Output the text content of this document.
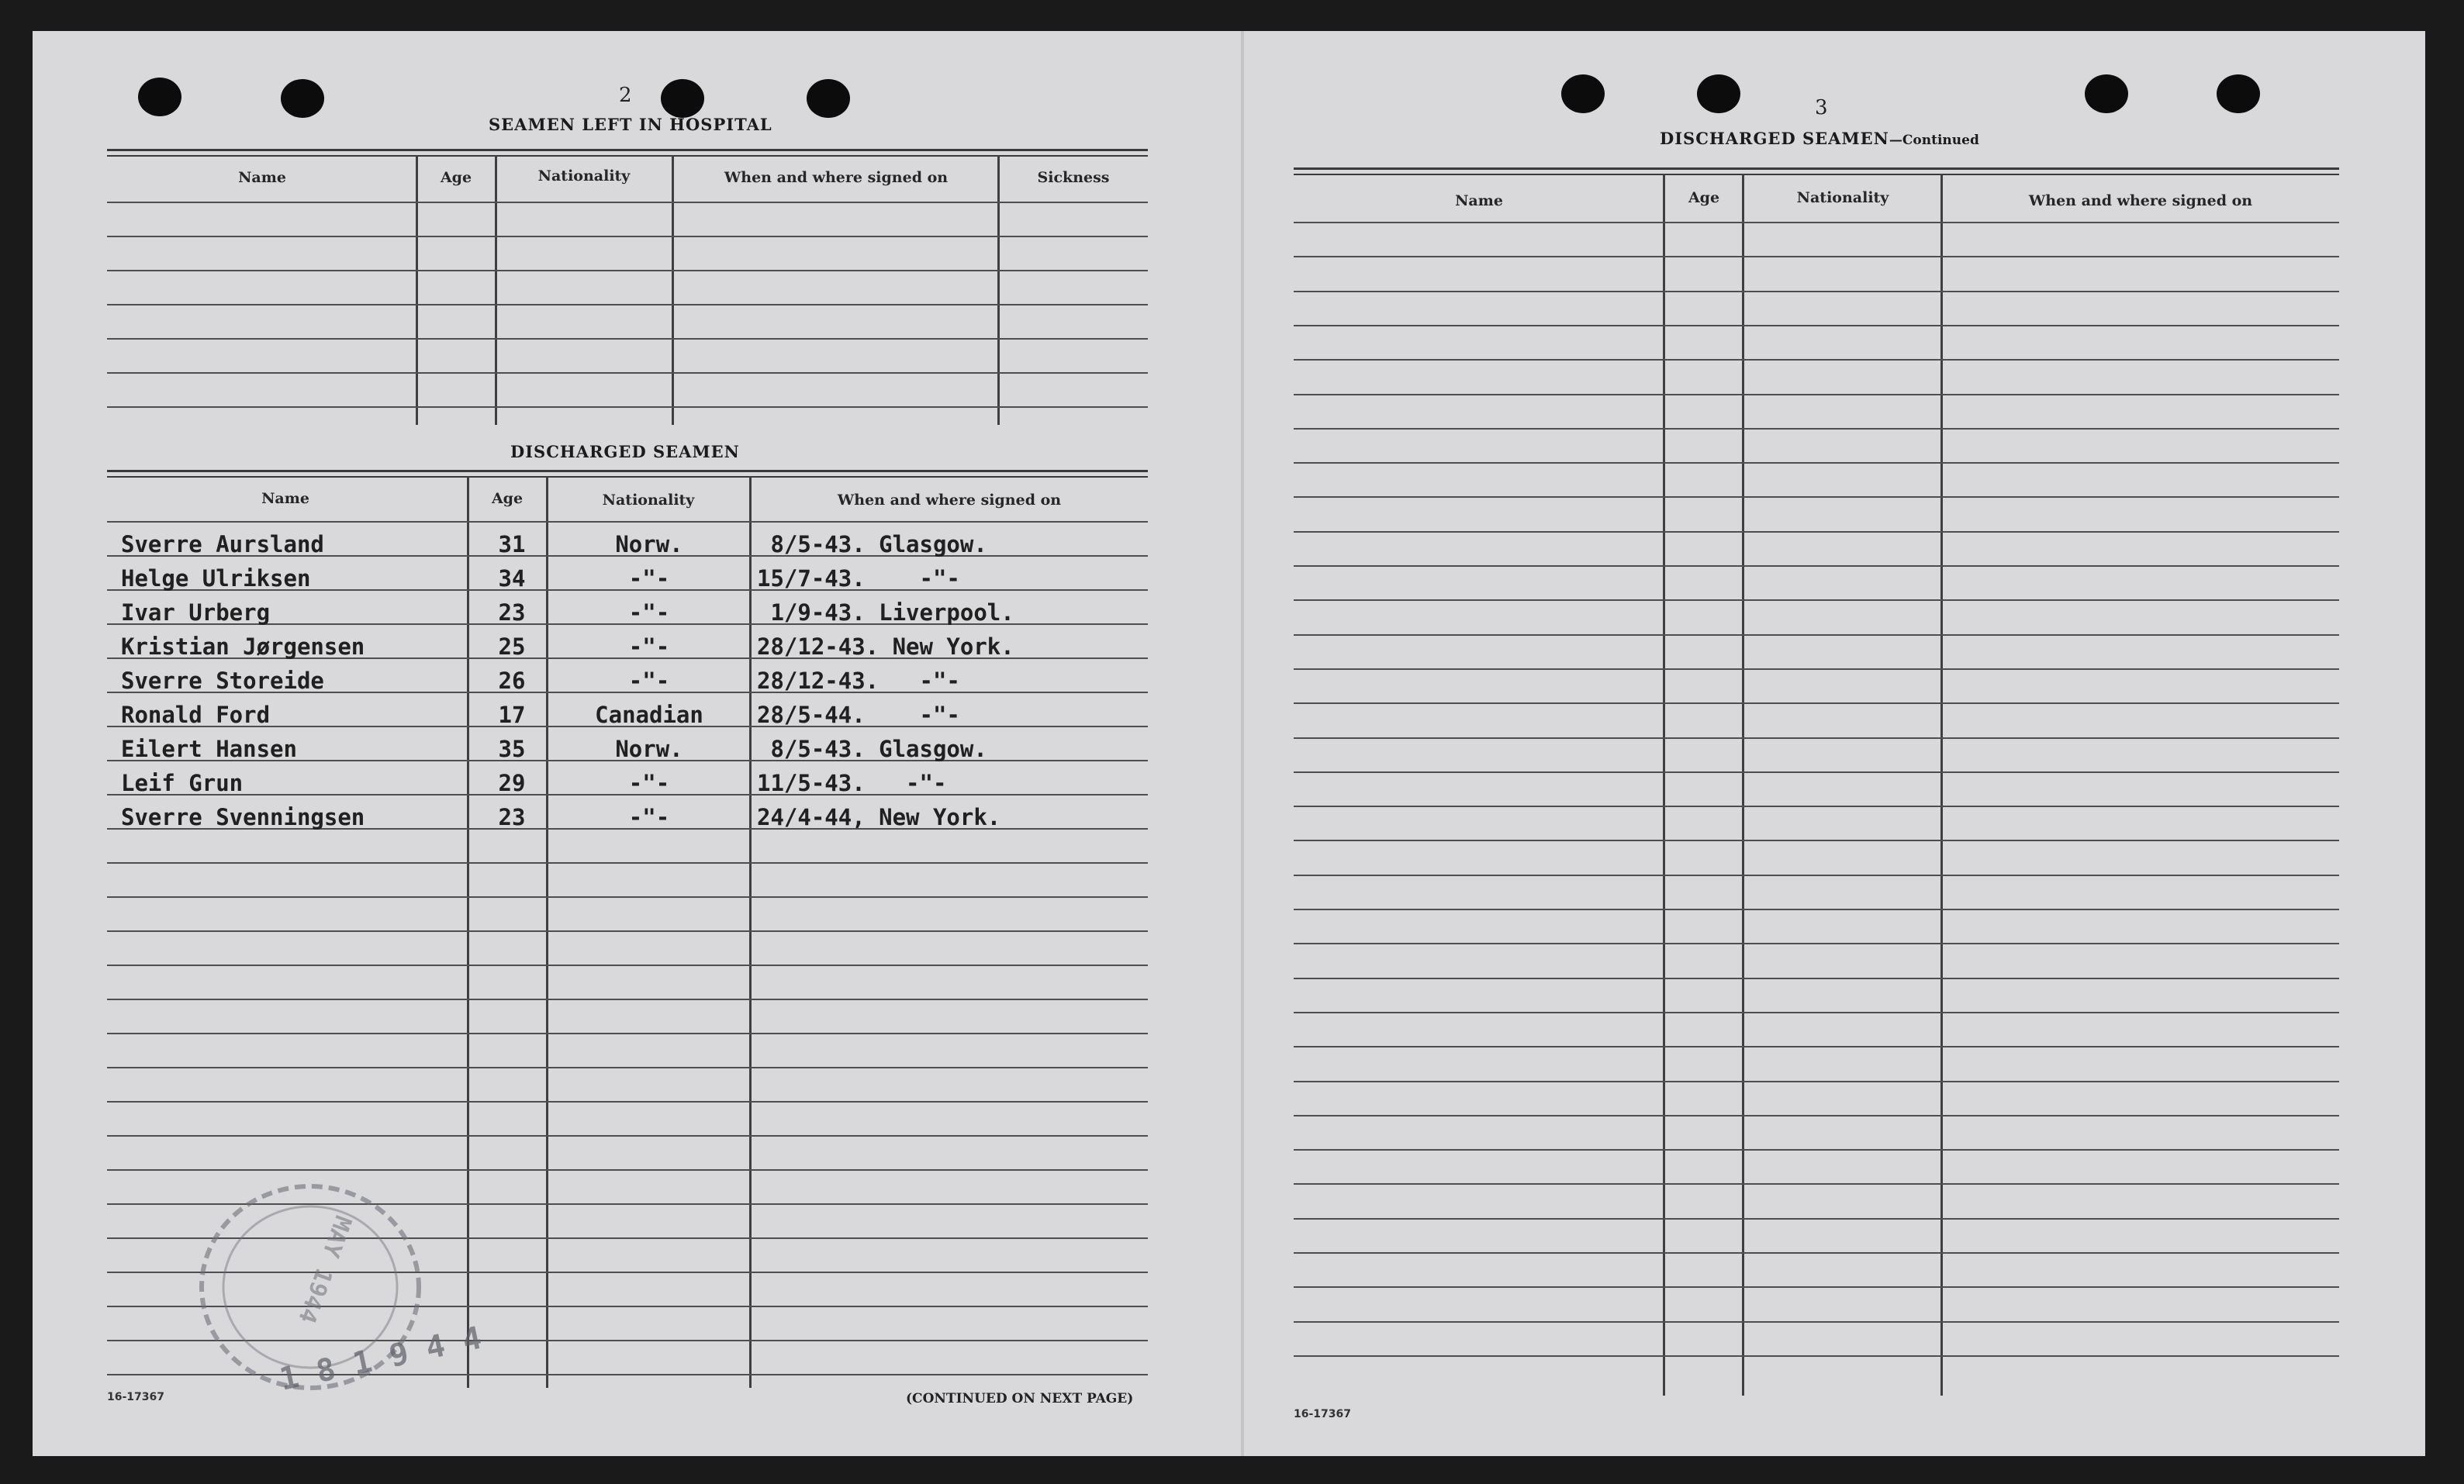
2
SEAMEN LEFT IN HOSPITAL
Name	Age	Nationality	When and where signed on	Sickness
DISCHARGED SEAMEN
Name	Age	Nationality	When and where signed on
Sverre Aursland	31	Norw.	8/5-43. Glasgow.
Helge Ulriksen	34	-"-	15/7-43.    -"-
Ivar Urberg	23	-"-	1/9-43. Liverpool.
Kristian Jørgensen	25	-"-	28/12-43. New York.
Sverre Storeide	26	-"-	28/12-43.   -"-
Ronald Ford	17	Canadian	28/5-44.    -"-
Eilert Hansen	35	Norw.	8/5-43. Glasgow.
Leif Grun	29	-"-	11/5-43.   -"-
Sverre Svenningsen	23	-"-	24/4-44, New York.
16-17367	(CONTINUED ON NEXT PAGE)
MAY 1944
1 8 1 9 4 4
3
DISCHARGED SEAMEN—Continued
Name	Age	Nationality	When and where signed on
16-17367
